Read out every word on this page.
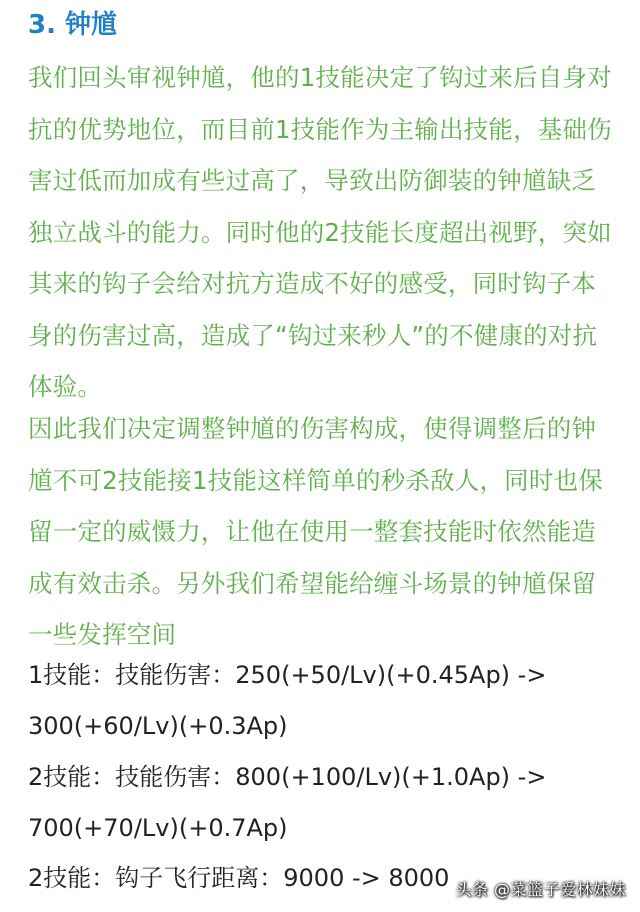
3. 钟馗

我们回头审视钟馗，他的1技能决定了钩过来后自身对抗的优势地位，而目前1技能作为主输出技能，基础伤害过低而加成有些过高了，导致出防御装的钟馗缺乏独立战斗的能力。同时他的2技能长度超出视野，突如其来的钩子会给对抗方造成不好的感受，同时钩子本身的伤害过高，造成了“钩过来秒人”的不健康的对抗体验。

因此我们决定调整钟馗的伤害构成，使得调整后的钟馗不可2技能接1技能这样简单的秒杀敌人，同时也保留一定的威慑力，让他在使用一整套技能时依然能造成有效击杀。另外我们希望能给缠斗场景的钟馗保留一些发挥空间

1技能：技能伤害：250(+50/Lv)(+0.45Ap) -> 300(+60/Lv)(+0.3Ap)

2技能：技能伤害：800(+100/Lv)(+1.0Ap) -> 700(+70/Lv)(+0.7Ap)

2技能：钩子飞行距离：9000 -> 8000 头条 @菜篮子爱林妹妹
